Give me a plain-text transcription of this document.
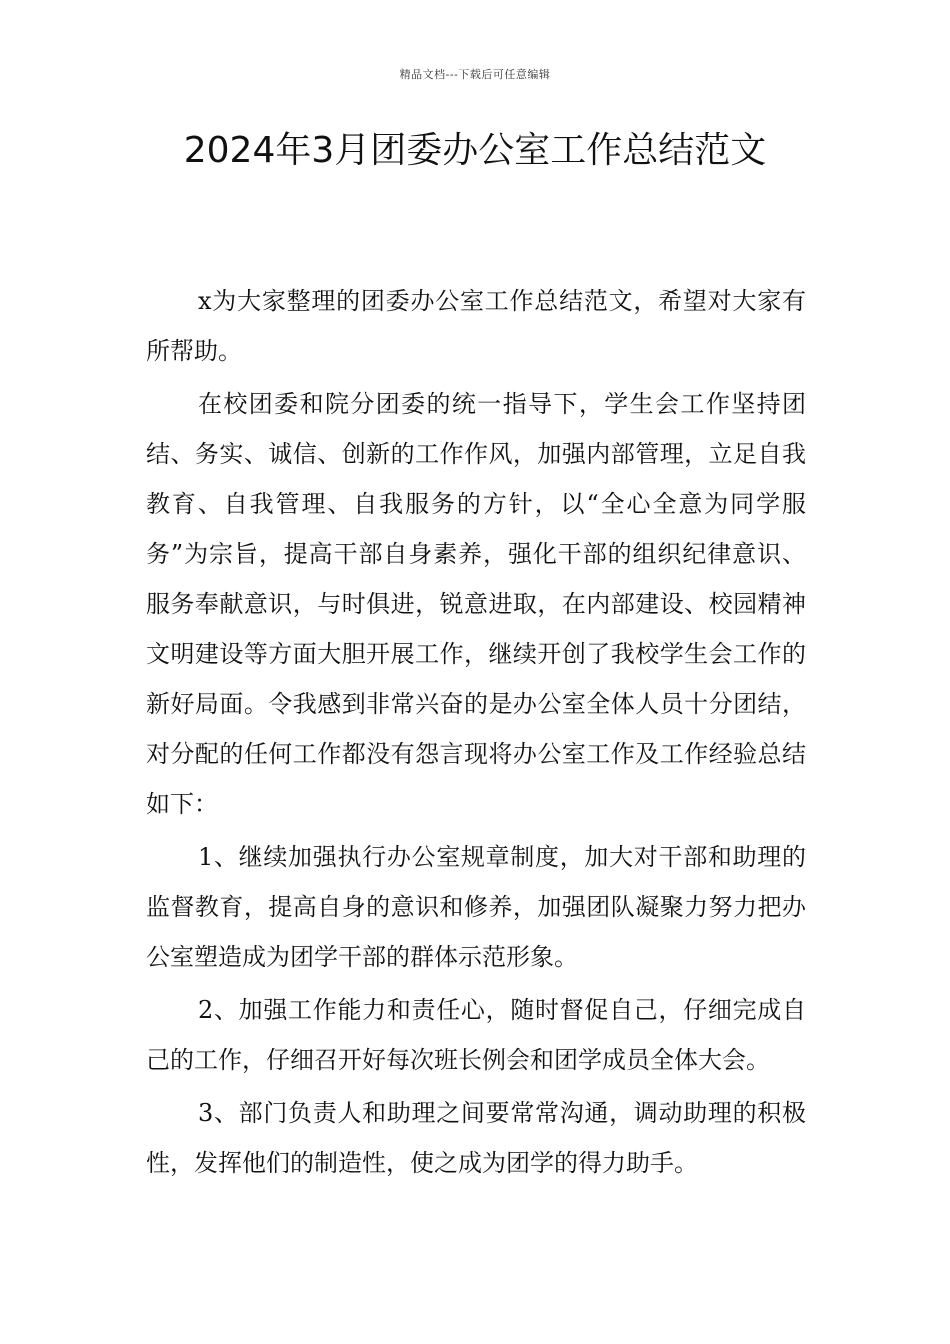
精品文档---下载后可任意编辑
2024年3月团委办公室工作总结范文

x为大家整理的团委办公室工作总结范文，希望对大家有所帮助。

在校团委和院分团委的统一指导下，学生会工作坚持团结、务实、诚信、创新的工作作风，加强内部管理，立足自我教育、自我管理、自我服务的方针，以“全心全意为同学服务”为宗旨，提高干部自身素养，强化干部的组织纪律意识、服务奉献意识，与时俱进，锐意进取，在内部建设、校园精神文明建设等方面大胆开展工作，继续开创了我校学生会工作的新好局面。令我感到非常兴奋的是办公室全体人员十分团结，对分配的任何工作都没有怨言现将办公室工作及工作经验总结如下：

1、继续加强执行办公室规章制度，加大对干部和助理的监督教育，提高自身的意识和修养，加强团队凝聚力努力把办公室塑造成为团学干部的群体示范形象。

2、加强工作能力和责任心，随时督促自己，仔细完成自己的工作，仔细召开好每次班长例会和团学成员全体大会。

3、部门负责人和助理之间要常常沟通，调动助理的积极性，发挥他们的制造性，使之成为团学的得力助手。
